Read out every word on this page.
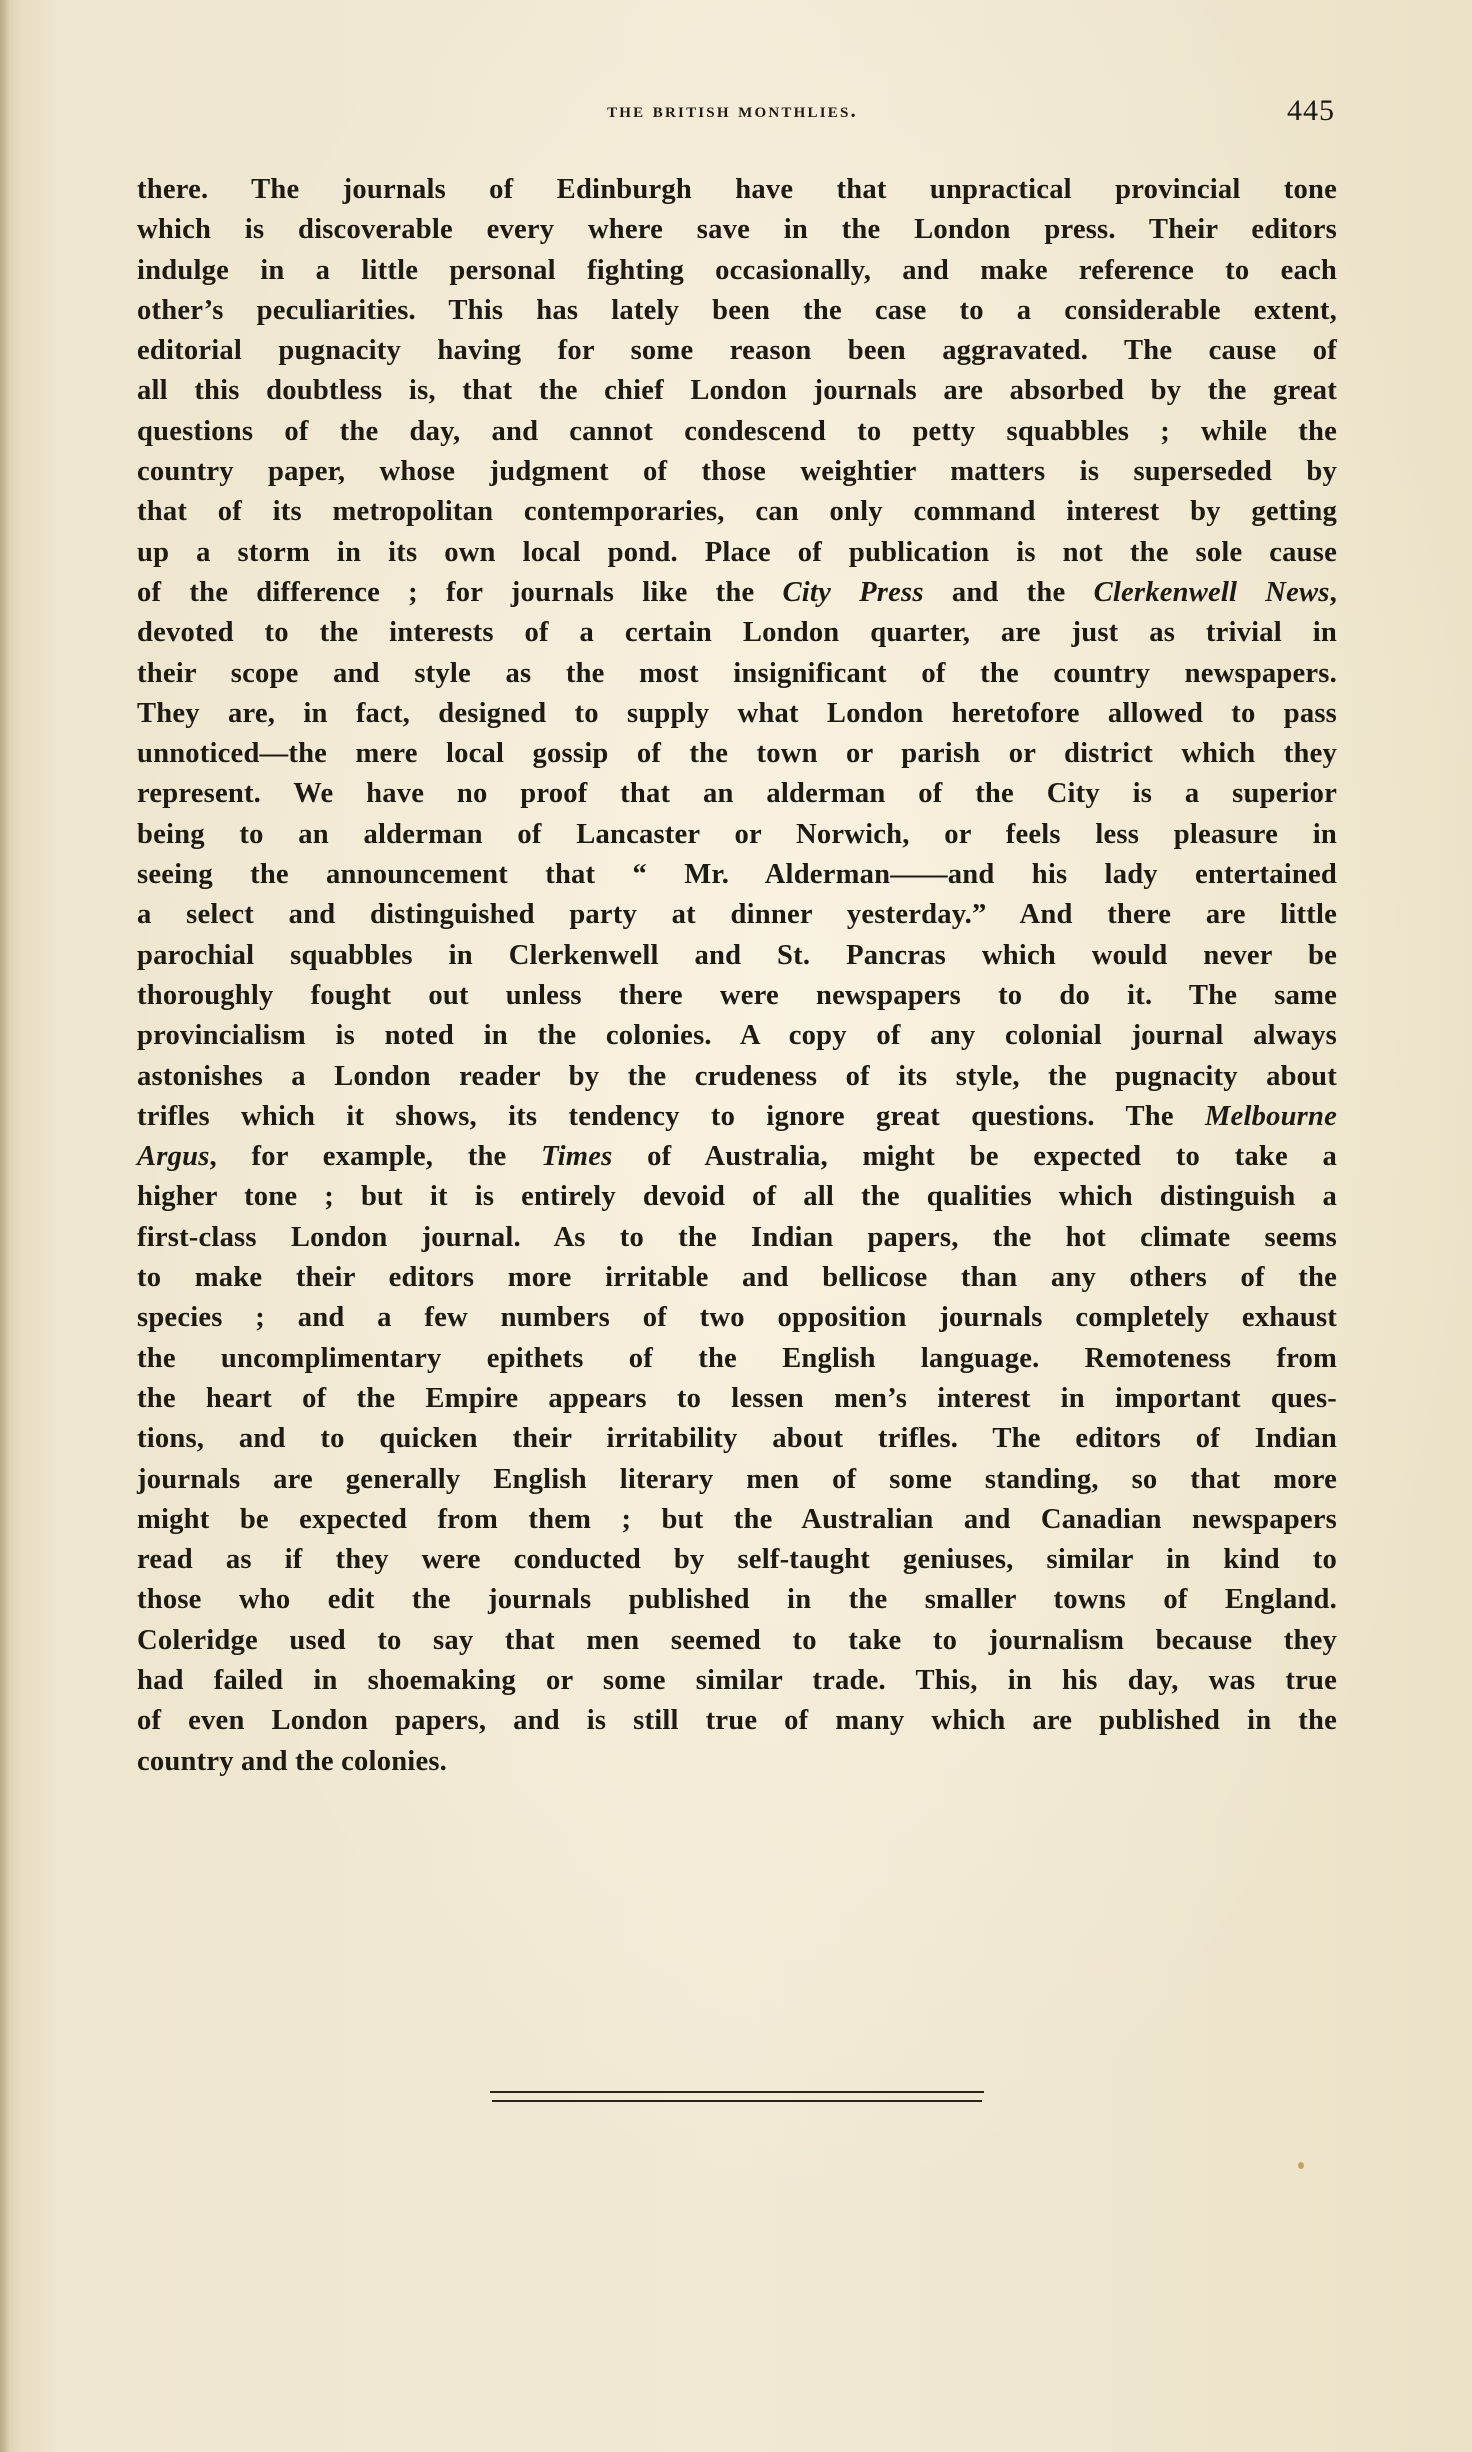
the british monthlies.	445
there. The journals of Edinburgh have that unpractical provincial tone
which is discoverable every where save in the London press. Their editors
indulge in a little personal fighting occasionally, and make reference to each
other’s peculiarities. This has lately been the case to a considerable extent,
editorial pugnacity having for some reason been aggravated. The cause of
all this doubtless is, that the chief London journals are absorbed by the great
questions of the day, and cannot condescend to petty squabbles ; while the
country paper, whose judgment of those weightier matters is superseded by
that of its metropolitan contemporaries, can only command interest by getting
up a storm in its own local pond. Place of publication is not the sole cause
of the difference ; for journals like the City Press and the Clerkenwell News,
devoted to the interests of a certain London quarter, are just as trivial in
their scope and style as the most insignificant of the country newspapers.
They are, in fact, designed to supply what London heretofore allowed to pass
unnoticed—the mere local gossip of the town or parish or district which they
represent. We have no proof that an alderman of the City is a superior
being to an alderman of Lancaster or Norwich, or feels less pleasure in
seeing the announcement that “ Mr. Alderman——and his lady entertained
a select and distinguished party at dinner yesterday.” And there are little
parochial squabbles in Clerkenwell and St. Pancras which would never be
thoroughly fought out unless there were newspapers to do it. The same
provincialism is noted in the colonies. A copy of any colonial journal always
astonishes a London reader by the crudeness of its style, the pugnacity about
trifles which it shows, its tendency to ignore great questions. The Melbourne
Argus, for example, the Times of Australia, might be expected to take a
higher tone ; but it is entirely devoid of all the qualities which distinguish a
first-class London journal. As to the Indian papers, the hot climate seems
to make their editors more irritable and bellicose than any others of the
species ; and a few numbers of two opposition journals completely exhaust
the uncomplimentary epithets of the English language. Remoteness from
the heart of the Empire appears to lessen men’s interest in important ques-
tions, and to quicken their irritability about trifles. The editors of Indian
journals are generally English literary men of some standing, so that more
might be expected from them ; but the Australian and Canadian newspapers
read as if they were conducted by self-taught geniuses, similar in kind to
those who edit the journals published in the smaller towns of England.
Coleridge used to say that men seemed to take to journalism because they
had failed in shoemaking or some similar trade. This, in his day, was true
of even London papers, and is still true of many which are published in the
country and the colonies.
